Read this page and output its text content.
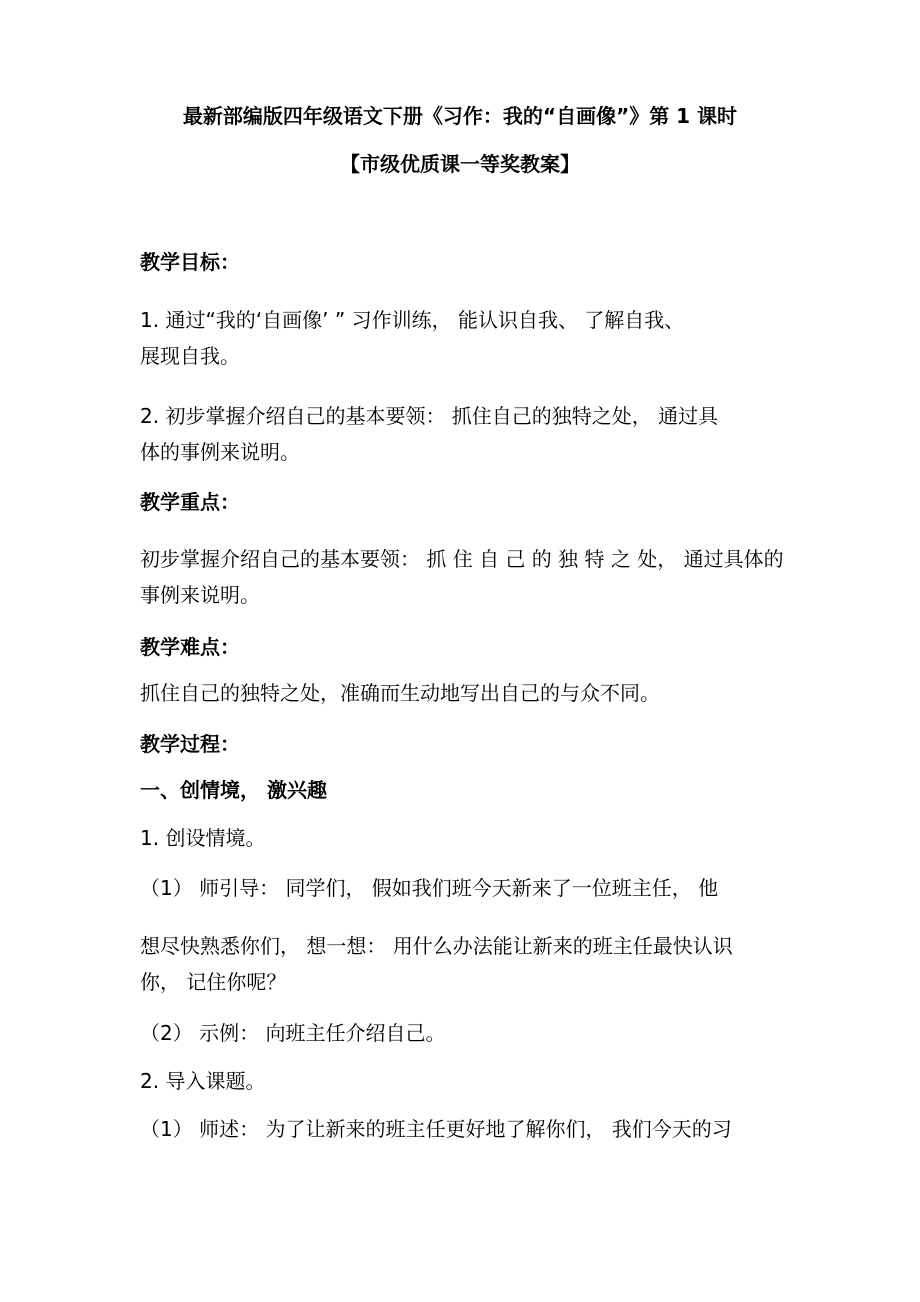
最新部编版四年级语文下册《习作：我的“自画像”》第 1 课时
【市级优质课一等奖教案】
教学目标：
1. 通过“我的‘自画像’ ” 习作训练， 能认识自我、 了解自我、
展现自我。
2. 初步掌握介绍自己的基本要领： 抓住自己的独特之处， 通过具
体的事例来说明。
教学重点：
初步掌握介绍自己的基本要领： 抓 住 自 己 的 独 特 之 处， 通过具体的
事例来说明。
教学难点：
抓住自己的独特之处，准确而生动地写出自己的与众不同。
教学过程：
一、创情境， 激兴趣
1. 创设情境。
（1） 师引导： 同学们， 假如我们班今天新来了一位班主任， 他
想尽快熟悉你们， 想一想： 用什么办法能让新来的班主任最快认识
你， 记住你呢？
（2） 示例： 向班主任介绍自己。
2. 导入课题。
（1） 师述： 为了让新来的班主任更好地了解你们， 我们今天的习
